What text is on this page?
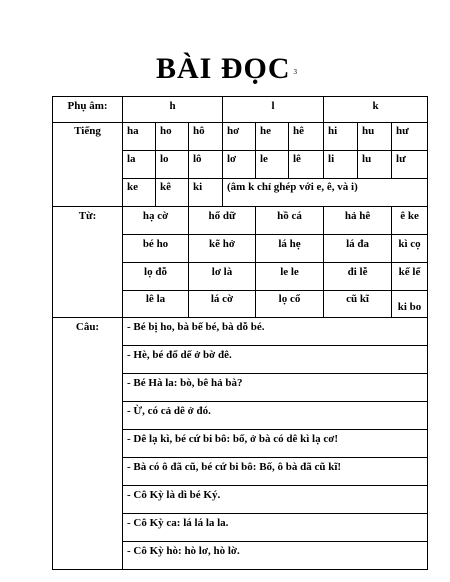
BÀI ĐỌC 3
Phụ âm:	h			l			k		
Tiếng	ha	ho	hô	hơ	he	hê	hi	hu	hư
	la	lo	lô	lơ	le	lê	li	lu	lư
	ke	kê	ki	(âm k chỉ ghép với e, ê, và i)					
Từ:	hạ cờ		hổ dữ		hồ cá		hả hê		ê ke
	bé ho		kẽ hở		lá hẹ		lá đa		kì cọ
	lọ đỗ		lơ là		le le		đi lễ		kể lể
	lê la		lá cờ		lọ cổ		cũ kĩ		ki bo
Câu:	- Bé bị ho, bà bế bé, bà dỗ bé.								
	- Hè, bé đổ dế ở bờ đê.								
	- Bé Hà la: bò, bê hả bà?								
	- Ừ, có cả dê ở đó.								
	- Dê lạ kì, bé cứ bi bô: bố, ở bà có dê kì lạ cơ!								
	- Bà có ô đã cũ, bé cứ bi bô: Bố, ô bà đã cũ kĩ!								
	- Cô Kỳ là dì bé Ký.								
	- Cô Kỳ ca: lá lá la la.								
	- Cô Kỳ hò: hò lơ, hò lờ.								
